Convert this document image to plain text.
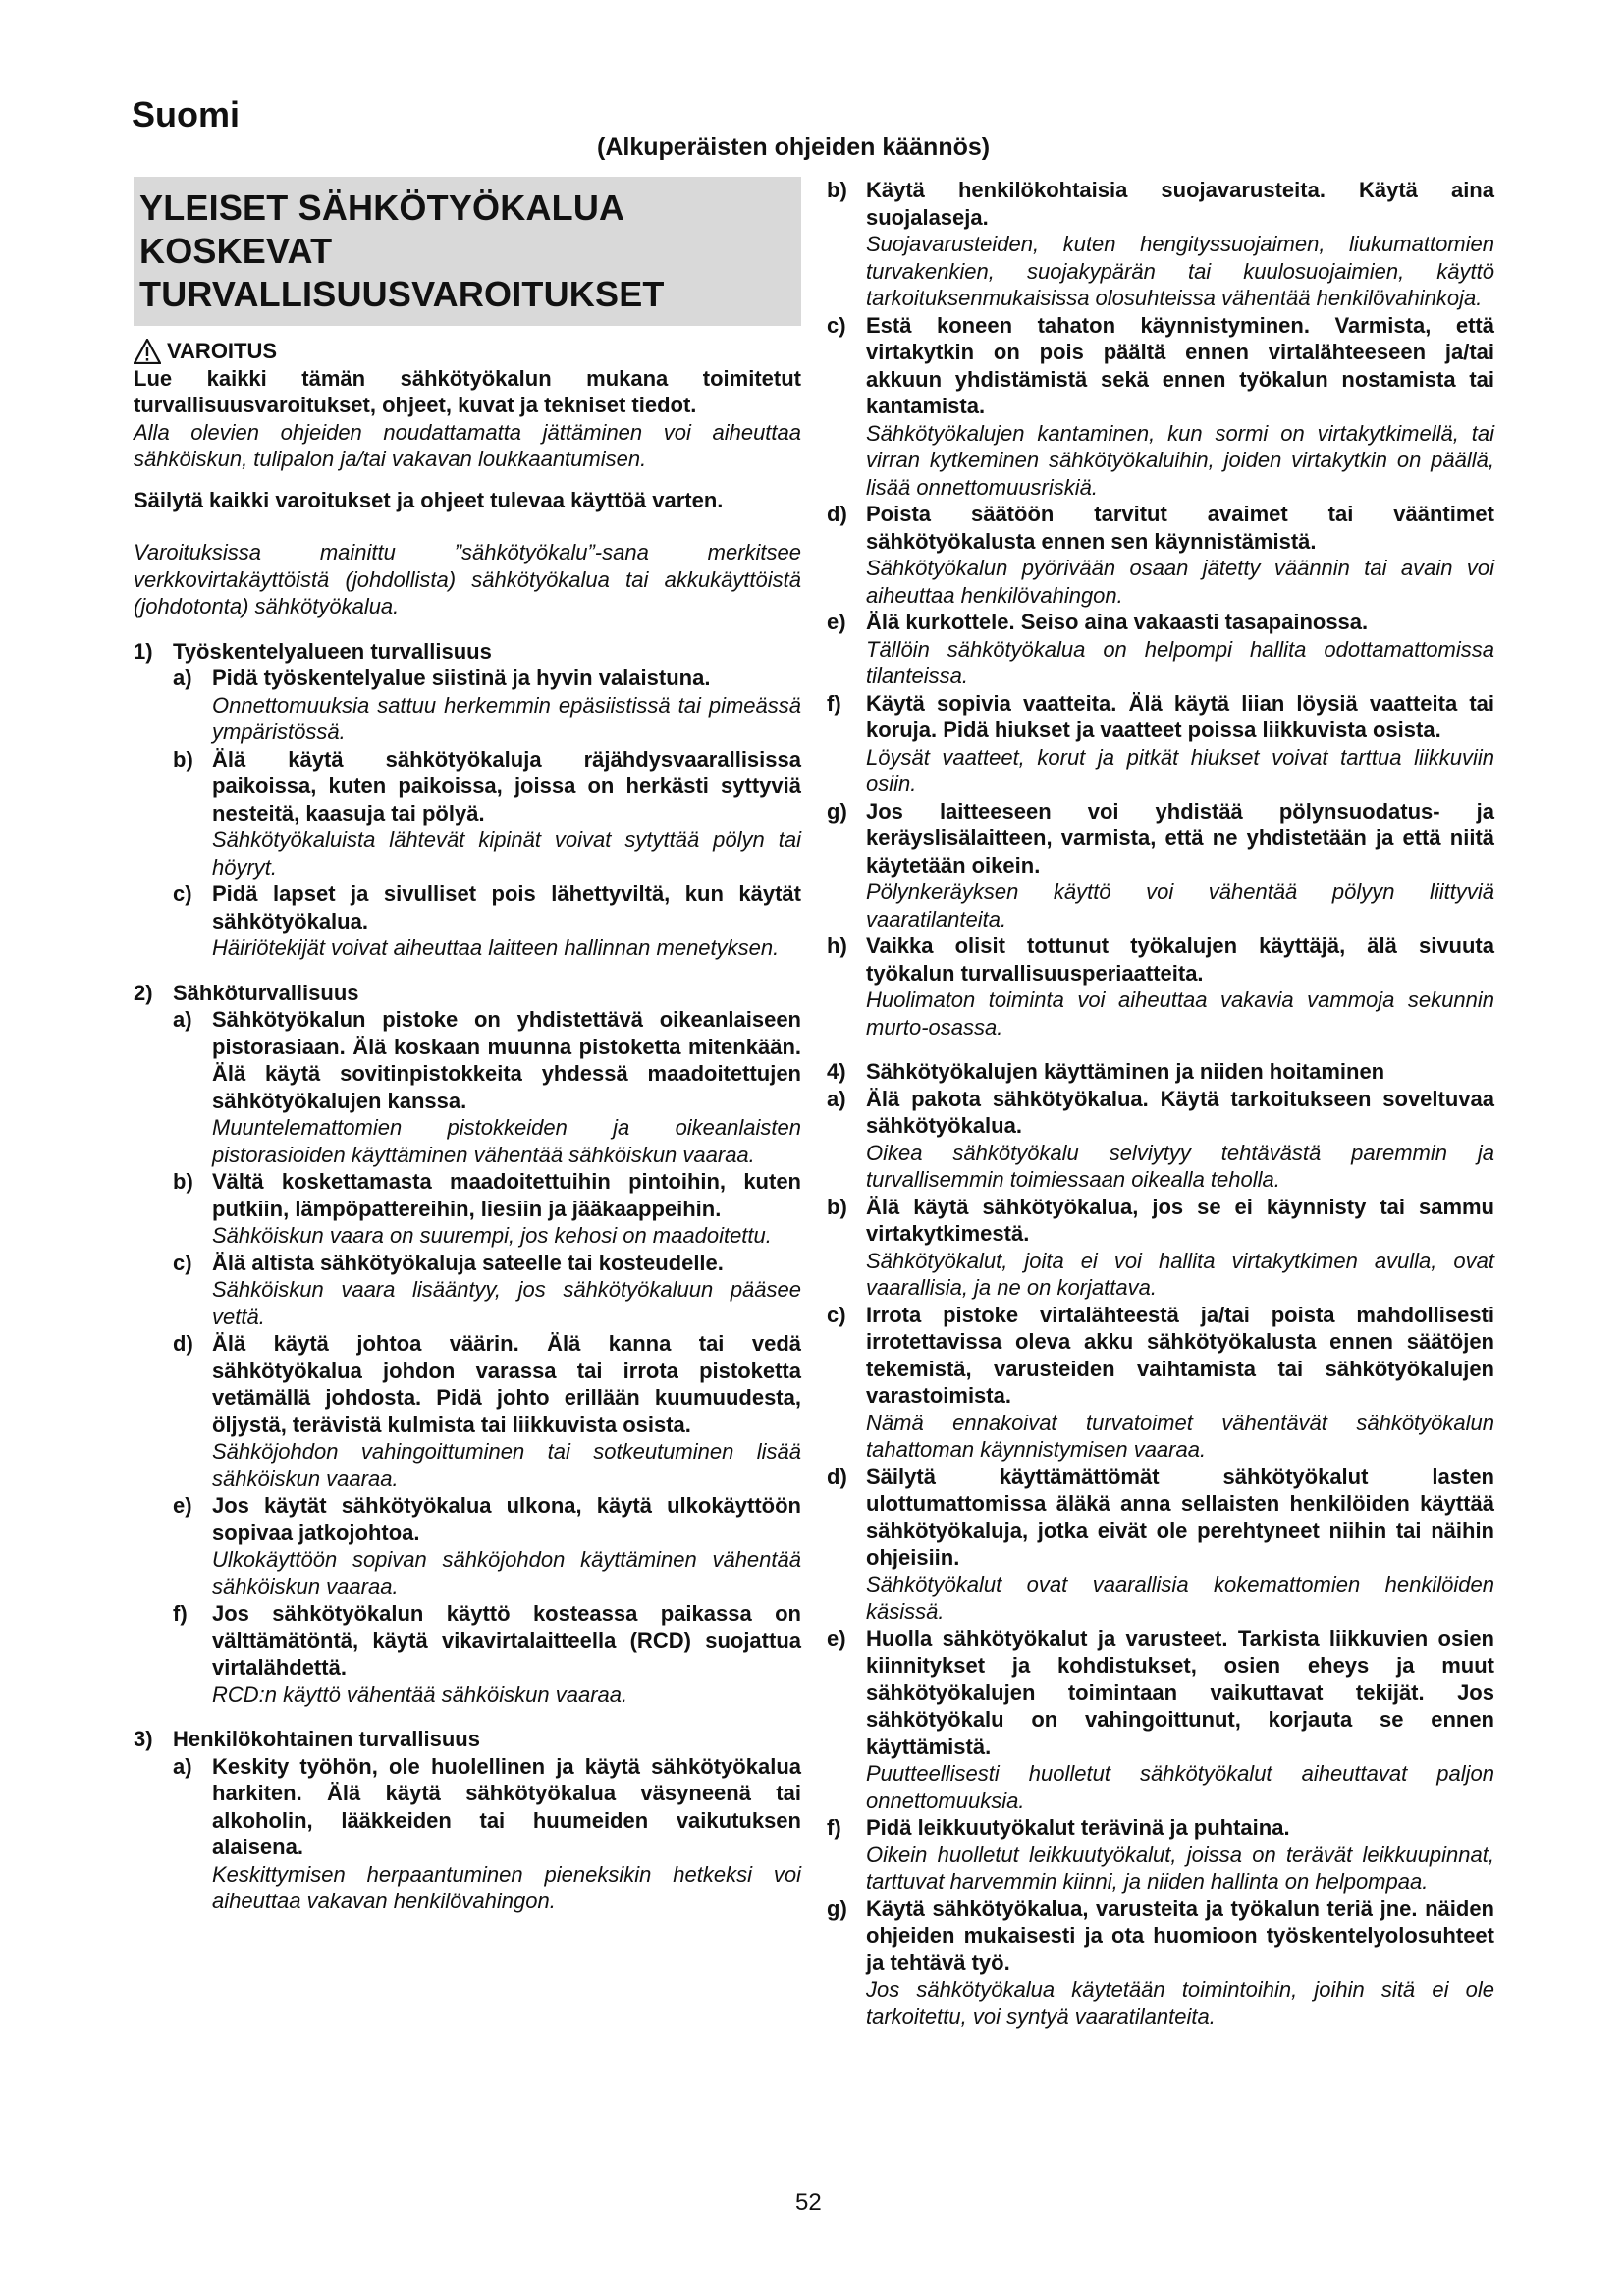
Suomi
(Alkuperäisten ohjeiden käännös)
YLEISET SÄHKÖTYÖKALUA KOSKEVAT TURVALLISUUSVAROITUKSET
VAROITUS
Lue kaikki tämän sähkötyökalun mukana toimitetut turvallisuusvaroitukset, ohjeet, kuvat ja tekniset tiedot.
Alla olevien ohjeiden noudattamatta jättäminen voi aiheuttaa sähköiskun, tulipalon ja/tai vakavan loukkaantumisen.
Säilytä kaikki varoitukset ja ohjeet tulevaa käyttöä varten.
Varoituksissa mainittu ”sähkötyökalu”-sana merkitsee verkkovirtakäyttöistä (johdollista) sähkötyökalua tai akkukäyttöistä (johdotonta) sähkötyökalua.
1) Työskentelyalueen turvallisuus
a) Pidä työskentelyalue siistinä ja hyvin valaistuna.
Onnettomuuksia sattuu herkemmin epäsiistissä tai pimeässä ympäristössä.
b) Älä käytä sähkötyökaluja räjähdysvaarallisissa paikoissa, kuten paikoissa, joissa on herkästi syttyviä nesteitä, kaasuja tai pölyä.
Sähkötyökaluista lähtevät kipinät voivat sytyttää pölyn tai höyryt.
c) Pidä lapset ja sivulliset pois lähettyviltä, kun käytät sähkötyökalua.
Häiriötekijät voivat aiheuttaa laitteen hallinnan menetyksen.
2) Sähköturvallisuus
a) Sähkötyökalun pistoke on yhdistettävä oikeanlaiseen pistorasiaan. Älä koskaan muunna pistoketta mitenkään. Älä käytä sovitinpistokkeita yhdessä maadoitettujen sähkötyökalujen kanssa.
Muuntelemattomien pistokkeiden ja oikeanlaisten pistorasioiden käyttäminen vähentää sähköiskun vaaraa.
b) Vältä koskettamasta maadoitettuihin pintoihin, kuten putkiin, lämpöpattereihin, liesiin ja jääkaappeihin.
Sähköiskun vaara on suurempi, jos kehosi on maadoitettu.
c) Älä altista sähkötyökaluja sateelle tai kosteudelle.
Sähköiskun vaara lisääntyy, jos sähkötyökaluun pääsee vettä.
d) Älä käytä johtoa väärin. Älä kanna tai vedä sähkötyökalua johdon varassa tai irrota pistoketta vetämällä johdosta. Pidä johto erillään kuumuudesta, öljystä, terävistä kulmista tai liikkuvista osista.
Sähköjohdon vahingoittuminen tai sotkeutuminen lisää sähköiskun vaaraa.
e) Jos käytät sähkötyökalua ulkona, käytä ulkokäyttöön sopivaa jatkojohtoa.
Ulkokäyttöön sopivan sähköjohdon käyttäminen vähentää sähköiskun vaaraa.
f)	Jos sähkötyökalun käyttö kosteassa paikassa on välttämätöntä, käytä vikavirtalaitteella (RCD) suojattua virtalähdettä.
RCD:n käyttö vähentää sähköiskun vaaraa.
3) Henkilökohtainen turvallisuus
a) Keskity työhön, ole huolellinen ja käytä sähkötyökalua harkiten. Älä käytä sähkötyökalua väsyneenä tai alkoholin, lääkkeiden tai huumeiden vaikutuksen alaisena.
Keskittymisen herpaantuminen pieneksikin hetkeksi voi aiheuttaa vakavan henkilövahingon.
b) Käytä henkilökohtaisia suojavarusteita. Käytä aina suojalaseja.
Suojavarusteiden, kuten hengityssuojaimen, liukumattomien turvakenkien, suojakypärän tai kuulosuojaimien, käyttö tarkoituksenmukaisissa olosuhteissa vähentää henkilövahinkoja.
c) Estä koneen tahaton käynnistyminen. Varmista, että virtakytkin on pois päältä ennen virtalähteeseen ja/tai akkuun yhdistämistä sekä ennen työkalun nostamista tai kantamista.
Sähkötyökalujen kantaminen, kun sormi on virtakytkimellä, tai virran kytkeminen sähkötyökaluihin, joiden virtakytkin on päällä, lisää onnettomuusriskiä.
d) Poista säätöön tarvitut avaimet tai vääntimet sähkötyökalusta ennen sen käynnistämistä.
Sähkötyökalun pyörivään osaan jätetty väännin tai avain voi aiheuttaa henkilövahingon.
e) Älä kurkottele. Seiso aina vakaasti tasapainossa.
Tällöin sähkötyökalua on helpompi hallita odottamattomissa tilanteissa.
f)	Käytä sopivia vaatteita. Älä käytä liian löysiä vaatteita tai koruja. Pidä hiukset ja vaatteet poissa liikkuvista osista.
Löysät vaatteet, korut ja pitkät hiukset voivat tarttua liikkuviin osiin.
g) Jos laitteeseen voi yhdistää pölynsuodatus- ja keräyslisälaitteen, varmista, että ne yhdistetään ja että niitä käytetään oikein.
Pölynkeräyksen käyttö voi vähentää pölyyn liittyviä vaaratilanteita.
h) Vaikka olisit tottunut työkalujen käyttäjä, älä sivuuta työkalun turvallisuusperiaatteita.
Huolimaton toiminta voi aiheuttaa vakavia vammoja sekunnin murto-osassa.
4) Sähkötyökalujen käyttäminen ja niiden hoitaminen
a) Älä pakota sähkötyökalua. Käytä tarkoitukseen soveltuvaa sähkötyökalua.
Oikea sähkötyökalu selviytyy tehtävästä paremmin ja turvallisemmin toimiessaan oikealla teholla.
b) Älä käytä sähkötyökalua, jos se ei käynnisty tai sammu virtakytkimestä.
Sähkötyökalut, joita ei voi hallita virtakytkimen avulla, ovat vaarallisia, ja ne on korjattava.
c) Irrota pistoke virtalähteestä ja/tai poista mahdollisesti irrotettavissa oleva akku sähkötyökalusta ennen säätöjen tekemistä, varusteiden vaihtamista tai sähkötyökalujen varastoimista.
Nämä ennakoivat turvatoimet vähentävät sähkötyökalun tahattoman käynnistymisen vaaraa.
d) Säilytä käyttämättömät sähkötyökalut lasten ulottumattomissa äläkä anna sellaisten henkilöiden käyttää sähkötyökaluja, jotka eivät ole perehtyneet niihin tai näihin ohjeisiin.
Sähkötyökalut ovat vaarallisia kokemattomien henkilöiden käsissä.
e) Huolla sähkötyökalut ja varusteet. Tarkista liikkuvien osien kiinnitykset ja kohdistukset, osien eheys ja muut sähkötyökalujen toimintaan vaikuttavat tekijät. Jos sähkötyökalu on vahingoittunut, korjauta se ennen käyttämistä.
Puutteellisesti huolletut sähkötyökalut aiheuttavat paljon onnettomuuksia.
f)	Pidä leikkuutyökalut terävinä ja puhtaina.
Oikein huolletut leikkuutyökalut, joissa on terävät leikkuupinnat, tarttuvat harvemmin kiinni, ja niiden hallinta on helpompaa.
g) Käytä sähkötyökalua, varusteita ja työkalun teriä jne. näiden ohjeiden mukaisesti ja ota huomioon työskentelyolosuhteet ja tehtävä työ.
Jos sähkötyökalua käytetään toimintoihin, joihin sitä ei ole tarkoitettu, voi syntyä vaaratilanteita.
52
